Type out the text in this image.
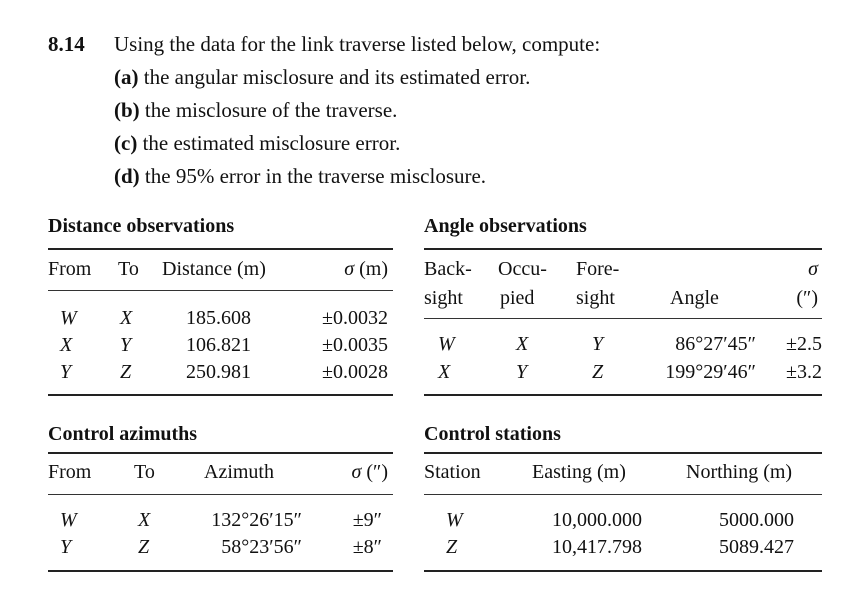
8.14 Using the data for the link traverse listed below, compute:
(a) the angular misclosure and its estimated error.
(b) the misclosure of the traverse.
(c) the estimated misclosure error.
(d) the 95% error in the traverse misclosure.
Distance observations
From To Distance (m)	σ (m)
W X	185.608	±0.0032
X Y	106.821	±0.0035
Y Z	250.981	±0.0028
Angle observations
Back- Occu- Fore-	σ
sight pied sight	Angle	(″)
W	X	Y	86°27′45″	±2.5
X	Y	Z	199°29′46″	±3.2
Control azimuths
From To Azimuth	σ (″)
W	X	132°26′15″	±9″
Y	Z	58°23′56″	±8″
Control stations
Station	Easting (m)	Northing (m)
W	10,000.000	5000.000
Z	10,417.798	5089.427
